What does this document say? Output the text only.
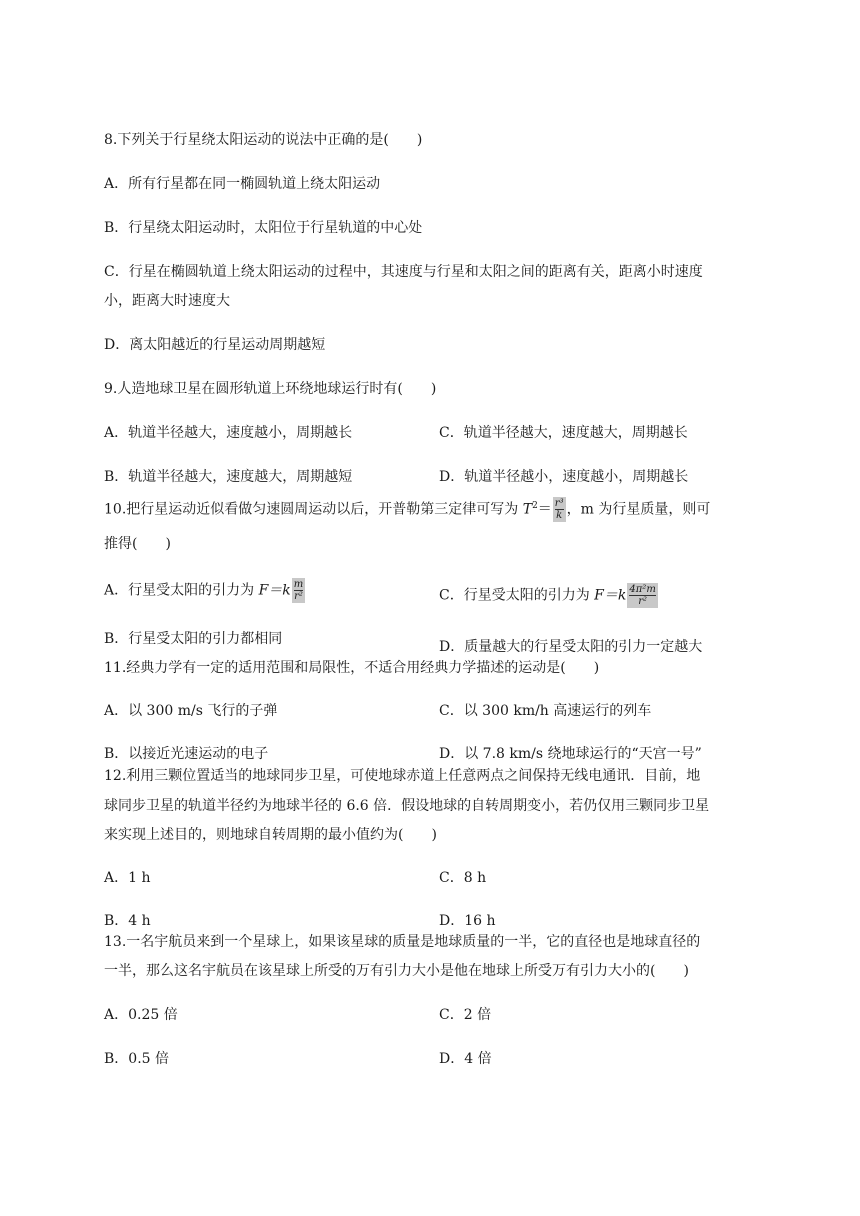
8.下列关于行星绕太阳运动的说法中正确的是(　　)
A．所有行星都在同一椭圆轨道上绕太阳运动
B．行星绕太阳运动时，太阳位于行星轨道的中心处
C．行星在椭圆轨道上绕太阳运动的过程中，其速度与行星和太阳之间的距离有关，距离小时速度
小，距离大时速度大
D．离太阳越近的行星运动周期越短
9.人造地球卫星在圆形轨道上环绕地球运行时有(　　)
A．轨道半径越大，速度越小，周期越长	C．轨道半径越大，速度越大，周期越长
B．轨道半径越大，速度越大，周期越短	D．轨道半径越小，速度越小，周期越长
10.把行星运动近似看做匀速圆周运动以后，开普勒第三定律可写为 $T^2= \frac{\text{r³}}{k}$ ，m 为行星质量，则可
推得(　　)
A．行星受太阳的引力为 $F=k \frac{m}{\text{r²}}$	C．行星受太阳的引力为 $F=k \frac{\text{4π²m}}{\text{r²}}$
B．行星受太阳的引力都相同	D．质量越大的行星受太阳的引力一定越大
11.经典力学有一定的适用范围和局限性，不适合用经典力学描述的运动是(　　)
A．以 300 m/s 飞行的子弹	C．以 300 km/h 高速运行的列车
B．以接近光速运动的电子	D．以 7.8 km/s 绕地球运行的“天宫一号”
12.利用三颗位置适当的地球同步卫星，可使地球赤道上任意两点之间保持无线电通讯．目前，地
球同步卫星的轨道半径约为地球半径的 6.6 倍．假设地球的自转周期变小，若仍仅用三颗同步卫星
来实现上述目的，则地球自转周期的最小值约为(　　)
A．1 h	C．8 h
B．4 h	D．16 h
13.一名宇航员来到一个星球上，如果该星球的质量是地球质量的一半，它的直径也是地球直径的
一半，那么这名宇航员在该星球上所受的万有引力大小是他在地球上所受万有引力大小的(　　)
A．0.25 倍	C．2 倍
B．0.5 倍	D．4 倍
